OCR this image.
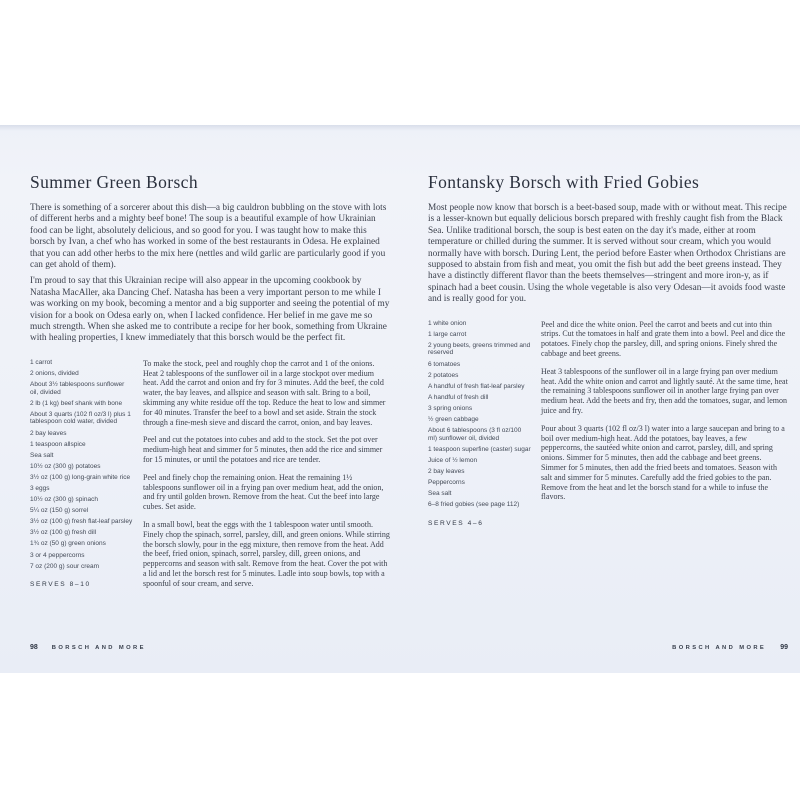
Summer Green Borsch
There is something of a sorcerer about this dish—a big cauldron bubbling on the stove with lots of different herbs and a mighty beef bone! The soup is a beautiful example of how Ukrainian food can be light, absolutely delicious, and so good for you. I was taught how to make this borsch by Ivan, a chef who has worked in some of the best restaurants in Odesa. He explained that you can add other herbs to the mix here (nettles and wild garlic are particularly good if you can get ahold of them).
I'm proud to say that this Ukrainian recipe will also appear in the upcoming cookbook by Natasha MacAller, aka Dancing Chef. Natasha has been a very important person to me while I was working on my book, becoming a mentor and a big supporter and seeing the potential of my vision for a book on Odesa early on, when I lacked confidence. Her belief in me gave me so much strength. When she asked me to contribute a recipe for her book, something from Ukraine with healing properties, I knew immediately that this borsch would be the perfect fit.
1 carrot
2 onions, divided
About 3½ tablespoons sunflower oil, divided
2 lb (1 kg) beef shank with bone
About 3 quarts (102 fl oz/3 l) plus 1 tablespoon cold water, divided
2 bay leaves
1 teaspoon allspice
Sea salt
10½ oz (300 g) potatoes
3½ oz (100 g) long-grain white rice
3 eggs
10½ oz (300 g) spinach
5¼ oz (150 g) sorrel
3½ oz (100 g) fresh flat-leaf parsley
3½ oz (100 g) fresh dill
1¾ oz (50 g) green onions
3 or 4 peppercorns
7 oz (200 g) sour cream
SERVES 8–10
To make the stock, peel and roughly chop the carrot and 1 of the onions. Heat 2 tablespoons of the sunflower oil in a large stockpot over medium heat. Add the carrot and onion and fry for 3 minutes. Add the beef, the cold water, the bay leaves, and allspice and season with salt. Bring to a boil, skimming any white residue off the top. Reduce the heat to low and simmer for 40 minutes. Transfer the beef to a bowl and set aside. Strain the stock through a fine-mesh sieve and discard the carrot, onion, and bay leaves.
Peel and cut the potatoes into cubes and add to the stock. Set the pot over medium-high heat and simmer for 5 minutes, then add the rice and simmer for 15 minutes, or until the potatoes and rice are tender.
Peel and finely chop the remaining onion. Heat the remaining 1½ tablespoons sunflower oil in a frying pan over medium heat, add the onion, and fry until golden brown. Remove from the heat. Cut the beef into large cubes. Set aside.
In a small bowl, beat the eggs with the 1 tablespoon water until smooth. Finely chop the spinach, sorrel, parsley, dill, and green onions. While stirring the borsch slowly, pour in the egg mixture, then remove from the heat. Add the beef, fried onion, spinach, sorrel, parsley, dill, green onions, and peppercorns and season with salt. Remove from the heat. Cover the pot with a lid and let the borsch rest for 5 minutes. Ladle into soup bowls, top with a spoonful of sour cream, and serve.
98 BORSCH AND MORE
Fontansky Borsch with Fried Gobies
Most people now know that borsch is a beet-based soup, made with or without meat. This recipe is a lesser-known but equally delicious borsch prepared with freshly caught fish from the Black Sea. Unlike traditional borsch, the soup is best eaten on the day it's made, either at room temperature or chilled during the summer. It is served without sour cream, which you would normally have with borsch. During Lent, the period before Easter when Orthodox Christians are supposed to abstain from fish and meat, you omit the fish but add the beet greens instead. They have a distinctly different flavor than the beets themselves—stringent and more iron-y, as if spinach had a beet cousin. Using the whole vegetable is also very Odesan—it avoids food waste and is really good for you.
1 white onion
1 large carrot
2 young beets, greens trimmed and reserved
6 tomatoes
2 potatoes
A handful of fresh flat-leaf parsley
A handful of fresh dill
3 spring onions
½ green cabbage
About 6 tablespoons (3 fl oz/100 ml) sunflower oil, divided
1 teaspoon superfine (caster) sugar
Juice of ½ lemon
2 bay leaves
Peppercorns
Sea salt
6–8 fried gobies (see page 112)
SERVES 4–6
Peel and dice the white onion. Peel the carrot and beets and cut into thin strips. Cut the tomatoes in half and grate them into a bowl. Peel and dice the potatoes. Finely chop the parsley, dill, and spring onions. Finely shred the cabbage and beet greens.
Heat 3 tablespoons of the sunflower oil in a large frying pan over medium heat. Add the white onion and carrot and lightly sauté. At the same time, heat the remaining 3 tablespoons sunflower oil in another large frying pan over medium heat. Add the beets and fry, then add the tomatoes, sugar, and lemon juice and fry.
Pour about 3 quarts (102 fl oz/3 l) water into a large saucepan and bring to a boil over medium-high heat. Add the potatoes, bay leaves, a few peppercorns, the sautéed white onion and carrot, parsley, dill, and spring onions. Simmer for 5 minutes, then add the cabbage and beet greens. Simmer for 5 minutes, then add the fried beets and tomatoes. Season with salt and simmer for 5 minutes. Carefully add the fried gobies to the pan. Remove from the heat and let the borsch stand for a while to infuse the flavors.
BORSCH AND MORE 99
